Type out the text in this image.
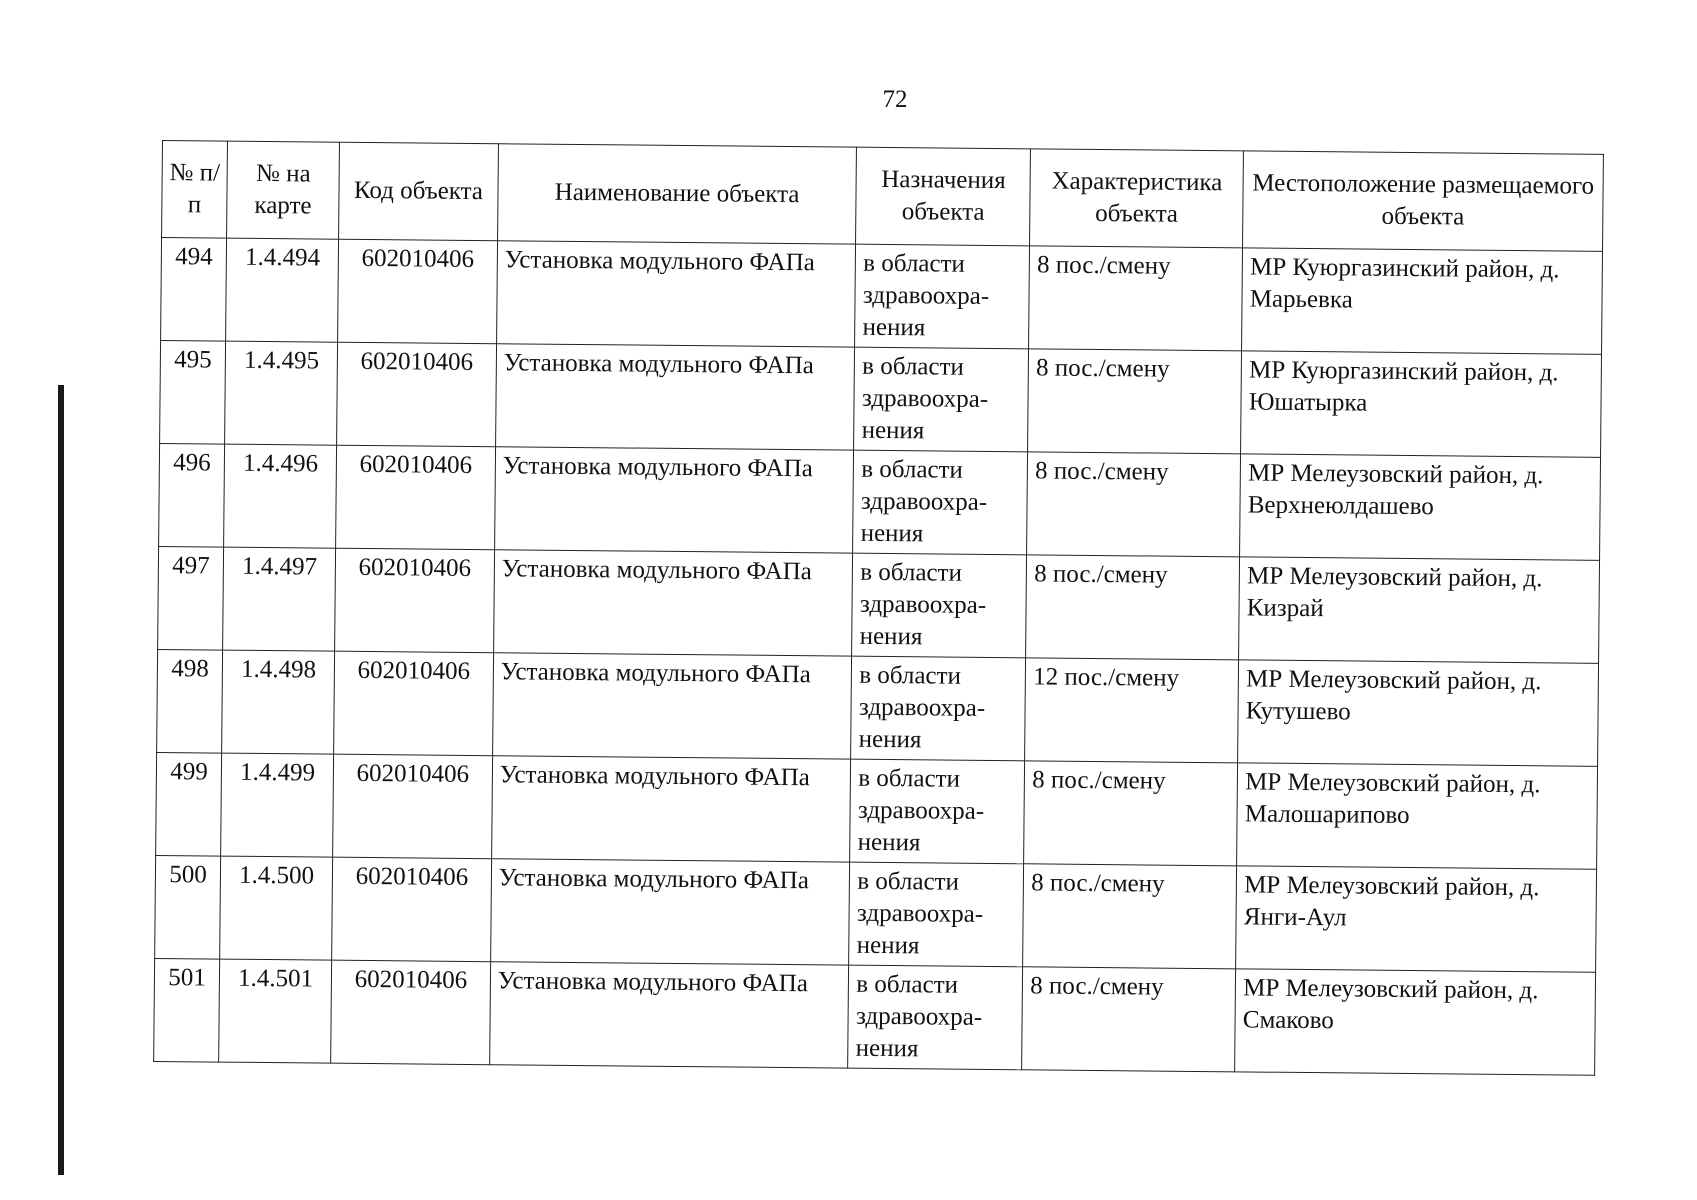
72
№ п/п	№ на карте	Код объекта	Наименование объекта	Назначения объекта	Характеристика объекта	Местоположение размещаемого объекта
494	1.4.494	602010406	Установка модульного ФАПа	в области здравоохра-нения	8 пос./смену	МР Куюргазинский район, д. Марьевка
495	1.4.495	602010406	Установка модульного ФАПа	в области здравоохра-нения	8 пос./смену	МР Куюргазинский район, д. Юшатырка
496	1.4.496	602010406	Установка модульного ФАПа	в области здравоохра-нения	8 пос./смену	МР Мелеузовский район, д. Верхнеюлдашево
497	1.4.497	602010406	Установка модульного ФАПа	в области здравоохра-нения	8 пос./смену	МР Мелеузовский район, д. Кизрай
498	1.4.498	602010406	Установка модульного ФАПа	в области здравоохра-нения	12 пос./смену	МР Мелеузовский район, д. Кутушево
499	1.4.499	602010406	Установка модульного ФАПа	в области здравоохра-нения	8 пос./смену	МР Мелеузовский район, д. Малошарипово
500	1.4.500	602010406	Установка модульного ФАПа	в области здравоохра-нения	8 пос./смену	МР Мелеузовский район, д. Янги-Аул
501	1.4.501	602010406	Установка модульного ФАПа	в области здравоохра-нения	8 пос./смену	МР Мелеузовский район, д. Смаково
